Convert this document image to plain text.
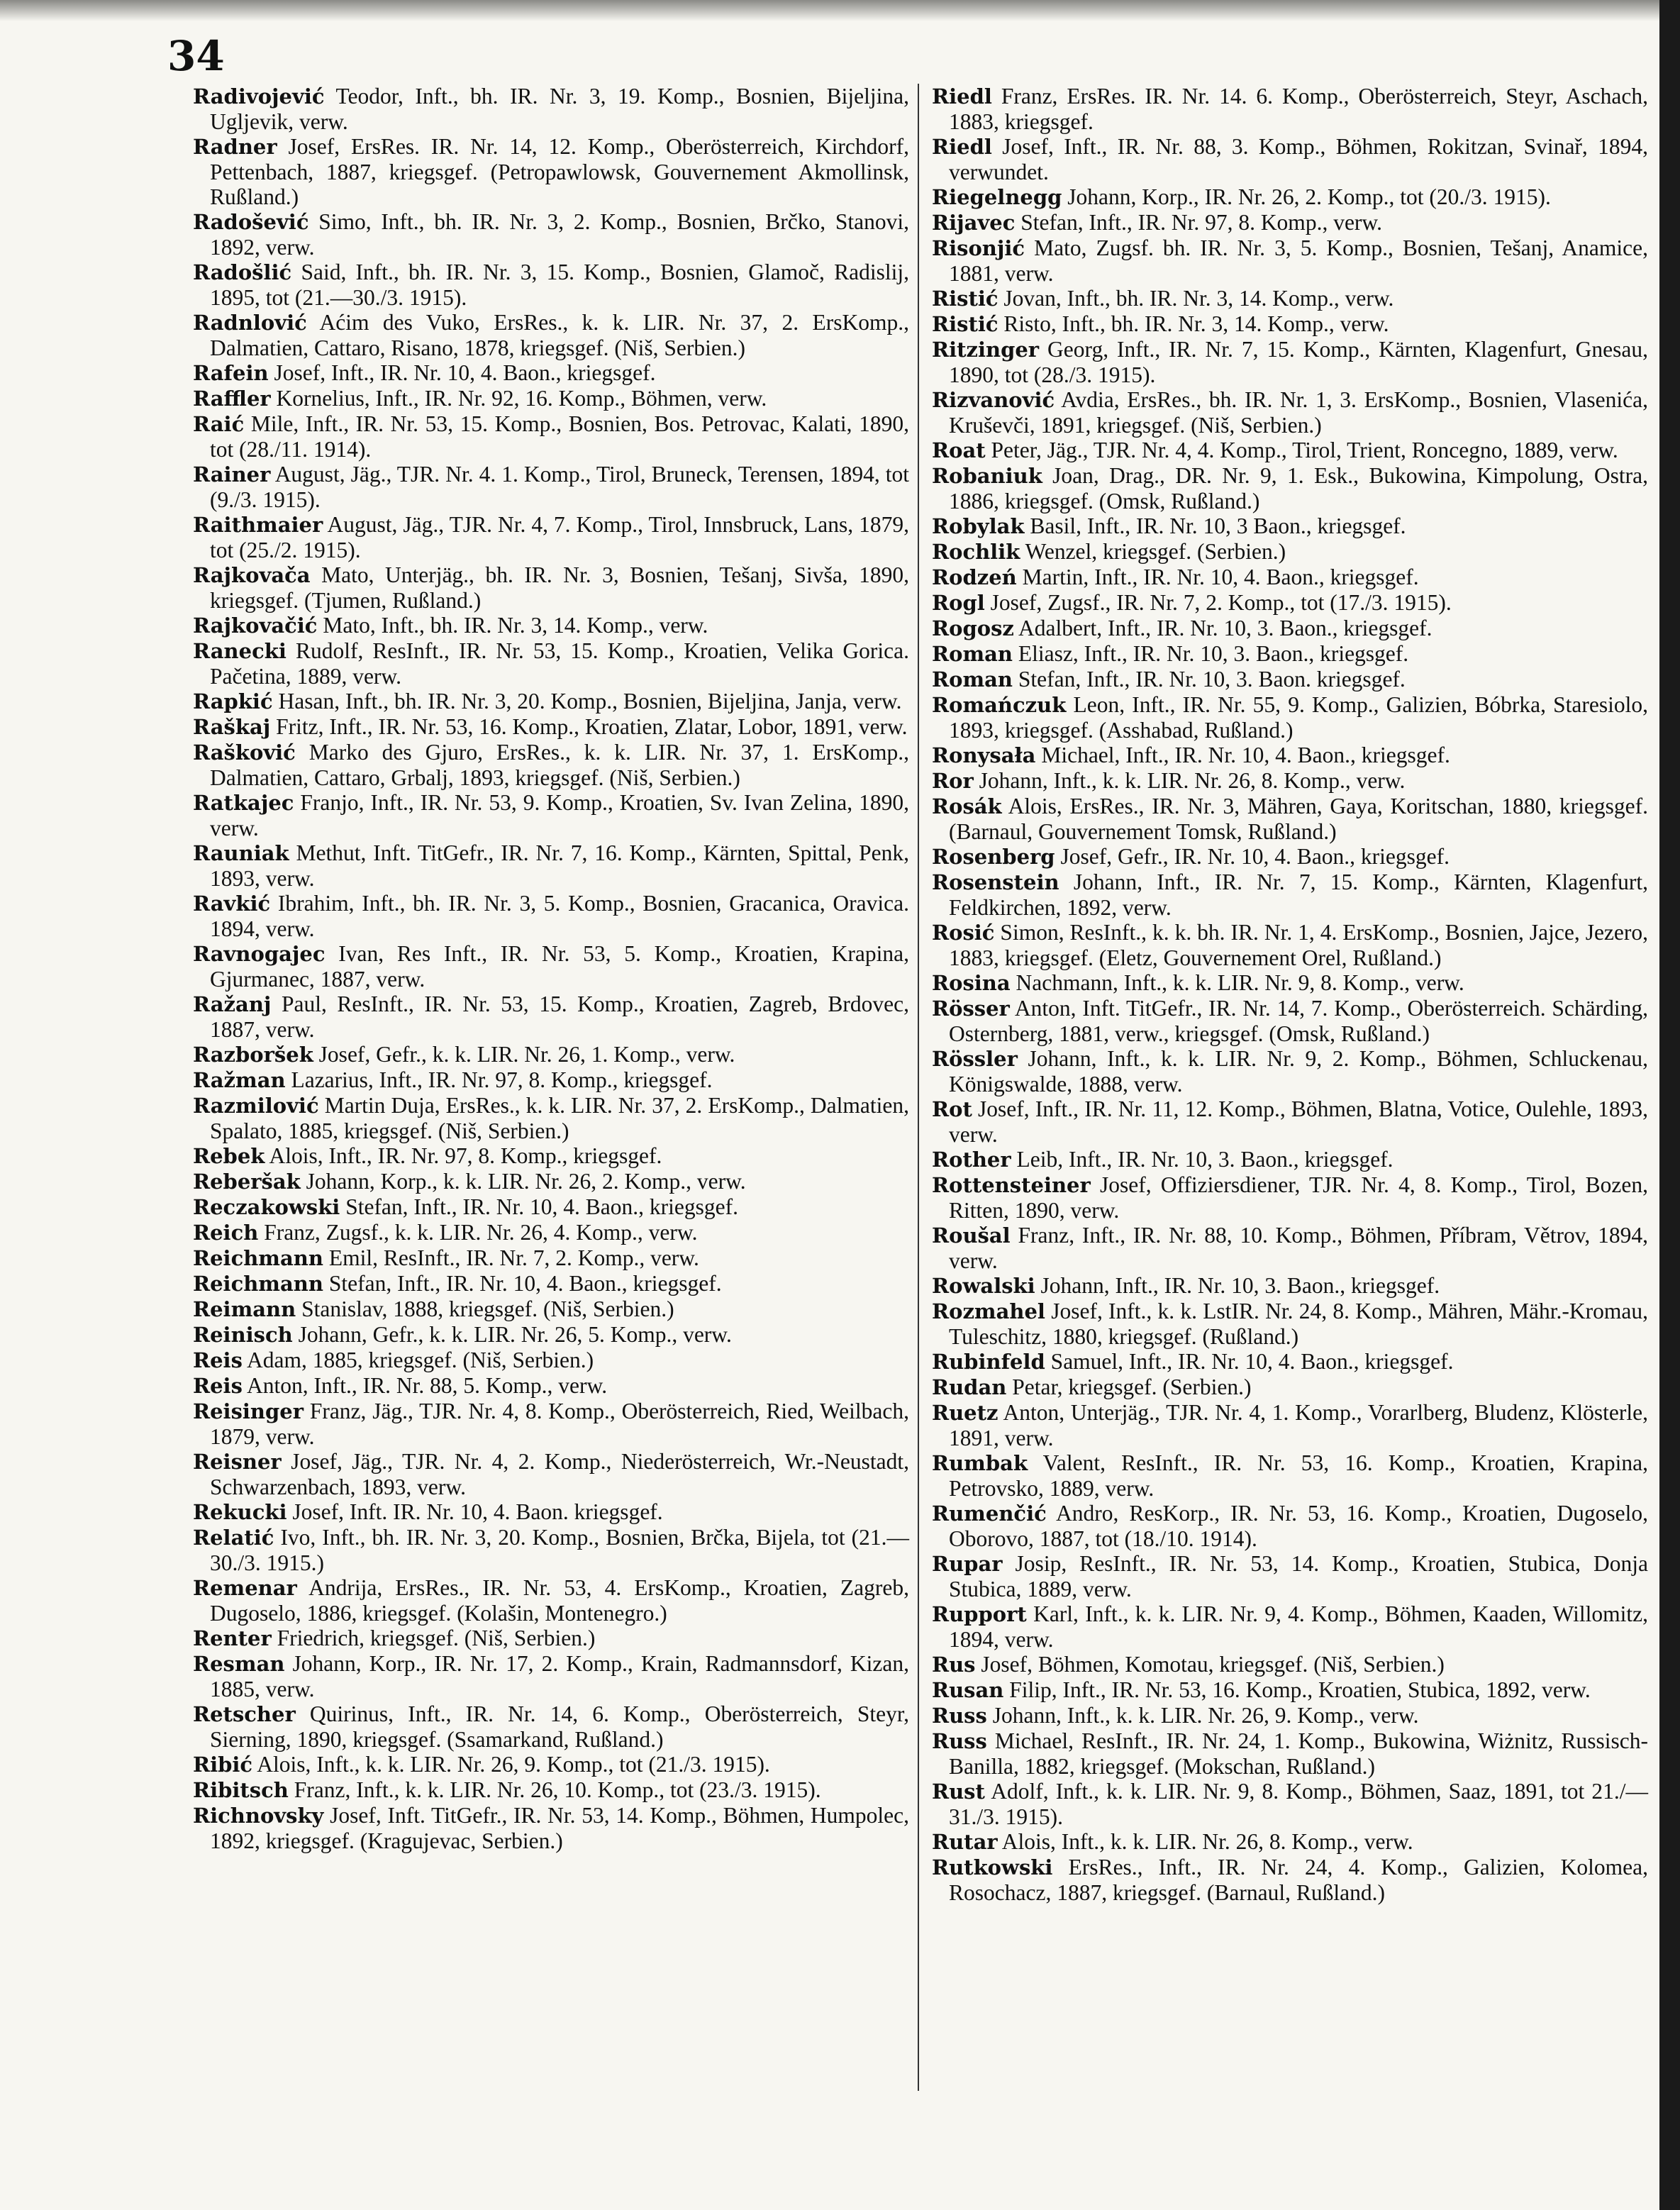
34

Radivojević Teodor, Inft., bh. IR. Nr. 3, 19. Komp., Bosnien, Bijeljina, Ugljevik, verw.

Radner Josef, ErsRes. IR. Nr. 14, 12. Komp., Oberösterreich, Kirchdorf, Pettenbach, 1887, kriegsgef. (Petropawlowsk, Gouvernement Akmollinsk, Rußland.)

Radošević Simo, Inft., bh. IR. Nr. 3, 2. Komp., Bosnien, Brčko, Stanovi, 1892, verw.

Radošlić Said, Inft., bh. IR. Nr. 3, 15. Komp., Bosnien, Glamoč, Radislij, 1895, tot (21.—30./3. 1915).

Radnlović Aćim des Vuko, ErsRes., k. k. LIR. Nr. 37, 2. ErsKomp., Dalmatien, Cattaro, Risano, 1878, kriegsgef. (Niš, Serbien.)

Rafein Josef, Inft., IR. Nr. 10, 4. Baon., kriegsgef.

Raffler Kornelius, Inft., IR. Nr. 92, 16. Komp., Böhmen, verw.

Raić Mile, Inft., IR. Nr. 53, 15. Komp., Bosnien, Bos. Petrovac, Kalati, 1890, tot (28./11. 1914).

Rainer August, Jäg., TJR. Nr. 4. 1. Komp., Tirol, Bruneck, Terensen, 1894, tot (9./3. 1915).

Raithmaier August, Jäg., TJR. Nr. 4, 7. Komp., Tirol, Innsbruck, Lans, 1879, tot (25./2. 1915).

Rajkovača Mato, Unterjäg., bh. IR. Nr. 3, Bosnien, Tešanj, Sivša, 1890, kriegsgef. (Tjumen, Rußland.)

Rajkovačić Mato, Inft., bh. IR. Nr. 3, 14. Komp., verw.

Ranecki Rudolf, ResInft., IR. Nr. 53, 15. Komp., Kroatien, Velika Gorica. Pačetina, 1889, verw.

Rapkić Hasan, Inft., bh. IR. Nr. 3, 20. Komp., Bosnien, Bijeljina, Janja, verw.

Raškaj Fritz, Inft., IR. Nr. 53, 16. Komp., Kroatien, Zlatar, Lobor, 1891, verw.

Rašković Marko des Gjuro, ErsRes., k. k. LIR. Nr. 37, 1. ErsKomp., Dalmatien, Cattaro, Grbalj, 1893, kriegsgef. (Niš, Serbien.)

Ratkajec Franjo, Inft., IR. Nr. 53, 9. Komp., Kroatien, Sv. Ivan Zelina, 1890, verw.

Rauniak Methut, Inft. TitGefr., IR. Nr. 7, 16. Komp., Kärnten, Spittal, Penk, 1893, verw.

Ravkić Ibrahim, Inft., bh. IR. Nr. 3, 5. Komp., Bosnien, Gracanica, Oravica. 1894, verw.

Ravnogajec Ivan, Res Inft., IR. Nr. 53, 5. Komp., Kroatien, Krapina, Gjurmanec, 1887, verw.

Ražanj Paul, ResInft., IR. Nr. 53, 15. Komp., Kroatien, Zagreb, Brdovec, 1887, verw.

Razboršek Josef, Gefr., k. k. LIR. Nr. 26, 1. Komp., verw.

Ražman Lazarius, Inft., IR. Nr. 97, 8. Komp., kriegsgef.

Razmilović Martin Duja, ErsRes., k. k. LIR. Nr. 37, 2. ErsKomp., Dalmatien, Spalato, 1885, kriegsgef. (Niš, Serbien.)

Rebek Alois, Inft., IR. Nr. 97, 8. Komp., kriegsgef.

Reberšak Johann, Korp., k. k. LIR. Nr. 26, 2. Komp., verw.

Reczakowski Stefan, Inft., IR. Nr. 10, 4. Baon., kriegsgef.

Reich Franz, Zugsf., k. k. LIR. Nr. 26, 4. Komp., verw.

Reichmann Emil, ResInft., IR. Nr. 7, 2. Komp., verw.

Reichmann Stefan, Inft., IR. Nr. 10, 4. Baon., kriegsgef.

Reimann Stanislav, 1888, kriegsgef. (Niš, Serbien.)

Reinisch Johann, Gefr., k. k. LIR. Nr. 26, 5. Komp., verw.

Reis Adam, 1885, kriegsgef. (Niš, Serbien.)

Reis Anton, Inft., IR. Nr. 88, 5. Komp., verw.

Reisinger Franz, Jäg., TJR. Nr. 4, 8. Komp., Oberösterreich, Ried, Weilbach, 1879, verw.

Reisner Josef, Jäg., TJR. Nr. 4, 2. Komp., Niederösterreich, Wr.-Neustadt, Schwarzenbach, 1893, verw.

Rekucki Josef, Inft. IR. Nr. 10, 4. Baon. kriegsgef.

Relatić Ivo, Inft., bh. IR. Nr. 3, 20. Komp., Bosnien, Brčka, Bijela, tot (21.—30./3. 1915.)

Remenar Andrija, ErsRes., IR. Nr. 53, 4. ErsKomp., Kroatien, Zagreb, Dugoselo, 1886, kriegsgef. (Kolašin, Montenegro.)

Renter Friedrich, kriegsgef. (Niš, Serbien.)

Resman Johann, Korp., IR. Nr. 17, 2. Komp., Krain, Radmannsdorf, Kizan, 1885, verw.

Retscher Quirinus, Inft., IR. Nr. 14, 6. Komp., Oberösterreich, Steyr, Sierning, 1890, kriegsgef. (Ssamarkand, Rußland.)

Ribić Alois, Inft., k. k. LIR. Nr. 26, 9. Komp., tot (21./3. 1915).

Ribitsch Franz, Inft., k. k. LIR. Nr. 26, 10. Komp., tot (23./3. 1915).

Richnovsky Josef, Inft. TitGefr., IR. Nr. 53, 14. Komp., Böhmen, Humpolec, 1892, kriegsgef. (Kragujevac, Serbien.)

Riedl Franz, ErsRes. IR. Nr. 14. 6. Komp., Oberösterreich, Steyr, Aschach, 1883, kriegsgef.

Riedl Josef, Inft., IR. Nr. 88, 3. Komp., Böhmen, Rokitzan, Svinař, 1894, verwundet.

Riegelnegg Johann, Korp., IR. Nr. 26, 2. Komp., tot (20./3. 1915).

Rijavec Stefan, Inft., IR. Nr. 97, 8. Komp., verw.

Risonjić Mato, Zugsf. bh. IR. Nr. 3, 5. Komp., Bosnien, Tešanj, Anamice, 1881, verw.

Ristić Jovan, Inft., bh. IR. Nr. 3, 14. Komp., verw.

Ristić Risto, Inft., bh. IR. Nr. 3, 14. Komp., verw.

Ritzinger Georg, Inft., IR. Nr. 7, 15. Komp., Kärnten, Klagenfurt, Gnesau, 1890, tot (28./3. 1915).

Rizvanović Avdia, ErsRes., bh. IR. Nr. 1, 3. ErsKomp., Bosnien, Vlasenića, Kruševči, 1891, kriegsgef. (Niš, Serbien.)

Roat Peter, Jäg., TJR. Nr. 4, 4. Komp., Tirol, Trient, Roncegno, 1889, verw.

Robaniuk Joan, Drag., DR. Nr. 9, 1. Esk., Bukowina, Kimpolung, Ostra, 1886, kriegsgef. (Omsk, Rußland.)

Robylak Basil, Inft., IR. Nr. 10, 3 Baon., kriegsgef.

Rochlik Wenzel, kriegsgef. (Serbien.)

Rodzeń Martin, Inft., IR. Nr. 10, 4. Baon., kriegsgef.

Rogl Josef, Zugsf., IR. Nr. 7, 2. Komp., tot (17./3. 1915).

Rogosz Adalbert, Inft., IR. Nr. 10, 3. Baon., kriegsgef.

Roman Eliasz, Inft., IR. Nr. 10, 3. Baon., kriegsgef.

Roman Stefan, Inft., IR. Nr. 10, 3. Baon. kriegsgef.

Romańczuk Leon, Inft., IR. Nr. 55, 9. Komp., Galizien, Bóbrka, Staresiolo, 1893, kriegsgef. (Asshabad, Rußland.)

Ronysała Michael, Inft., IR. Nr. 10, 4. Baon., kriegsgef.

Ror Johann, Inft., k. k. LIR. Nr. 26, 8. Komp., verw.

Rosák Alois, ErsRes., IR. Nr. 3, Mähren, Gaya, Koritschan, 1880, kriegsgef. (Barnaul, Gouvernement Tomsk, Rußland.)

Rosenberg Josef, Gefr., IR. Nr. 10, 4. Baon., kriegsgef.

Rosenstein Johann, Inft., IR. Nr. 7, 15. Komp., Kärnten, Klagenfurt, Feldkirchen, 1892, verw.

Rosić Simon, ResInft., k. k. bh. IR. Nr. 1, 4. ErsKomp., Bosnien, Jajce, Jezero, 1883, kriegsgef. (Eletz, Gouvernement Orel, Rußland.)

Rosina Nachmann, Inft., k. k. LIR. Nr. 9, 8. Komp., verw.

Rösser Anton, Inft. TitGefr., IR. Nr. 14, 7. Komp., Oberösterreich. Schärding, Osternberg, 1881, verw., kriegsgef. (Omsk, Rußland.)

Rössler Johann, Inft., k. k. LIR. Nr. 9, 2. Komp., Böhmen, Schluckenau, Königswalde, 1888, verw.

Rot Josef, Inft., IR. Nr. 11, 12. Komp., Böhmen, Blatna, Votice, Oulehle, 1893, verw.

Rother Leib, Inft., IR. Nr. 10, 3. Baon., kriegsgef.

Rottensteiner Josef, Offiziersdiener, TJR. Nr. 4, 8. Komp., Tirol, Bozen, Ritten, 1890, verw.

Roušal Franz, Inft., IR. Nr. 88, 10. Komp., Böhmen, Příbram, Větrov, 1894, verw.

Rowalski Johann, Inft., IR. Nr. 10, 3. Baon., kriegsgef.

Rozmahel Josef, Inft., k. k. LstIR. Nr. 24, 8. Komp., Mähren, Mähr.-Kromau, Tuleschitz, 1880, kriegsgef. (Rußland.)

Rubinfeld Samuel, Inft., IR. Nr. 10, 4. Baon., kriegsgef.

Rudan Petar, kriegsgef. (Serbien.)

Ruetz Anton, Unterjäg., TJR. Nr. 4, 1. Komp., Vorarlberg, Bludenz, Klösterle, 1891, verw.

Rumbak Valent, ResInft., IR. Nr. 53, 16. Komp., Kroatien, Krapina, Petrovsko, 1889, verw.

Rumenčić Andro, ResKorp., IR. Nr. 53, 16. Komp., Kroatien, Dugoselo, Oborovo, 1887, tot (18./10. 1914).

Rupar Josip, ResInft., IR. Nr. 53, 14. Komp., Kroatien, Stubica, Donja Stubica, 1889, verw.

Rupport Karl, Inft., k. k. LIR. Nr. 9, 4. Komp., Böhmen, Kaaden, Willomitz, 1894, verw.

Rus Josef, Böhmen, Komotau, kriegsgef. (Niš, Serbien.)

Rusan Filip, Inft., IR. Nr. 53, 16. Komp., Kroatien, Stubica, 1892, verw.

Russ Johann, Inft., k. k. LIR. Nr. 26, 9. Komp., verw.

Russ Michael, ResInft., IR. Nr. 24, 1. Komp., Bukowina, Wiżnitz, Russisch-Banilla, 1882, kriegsgef. (Mokschan, Rußland.)

Rust Adolf, Inft., k. k. LIR. Nr. 9, 8. Komp., Böhmen, Saaz, 1891, tot 21./—31./3. 1915).

Rutar Alois, Inft., k. k. LIR. Nr. 26, 8. Komp., verw.

Rutkowski ErsRes., Inft., IR. Nr. 24, 4. Komp., Galizien, Kolomea, Rosochacz, 1887, kriegsgef. (Barnaul, Rußland.)
